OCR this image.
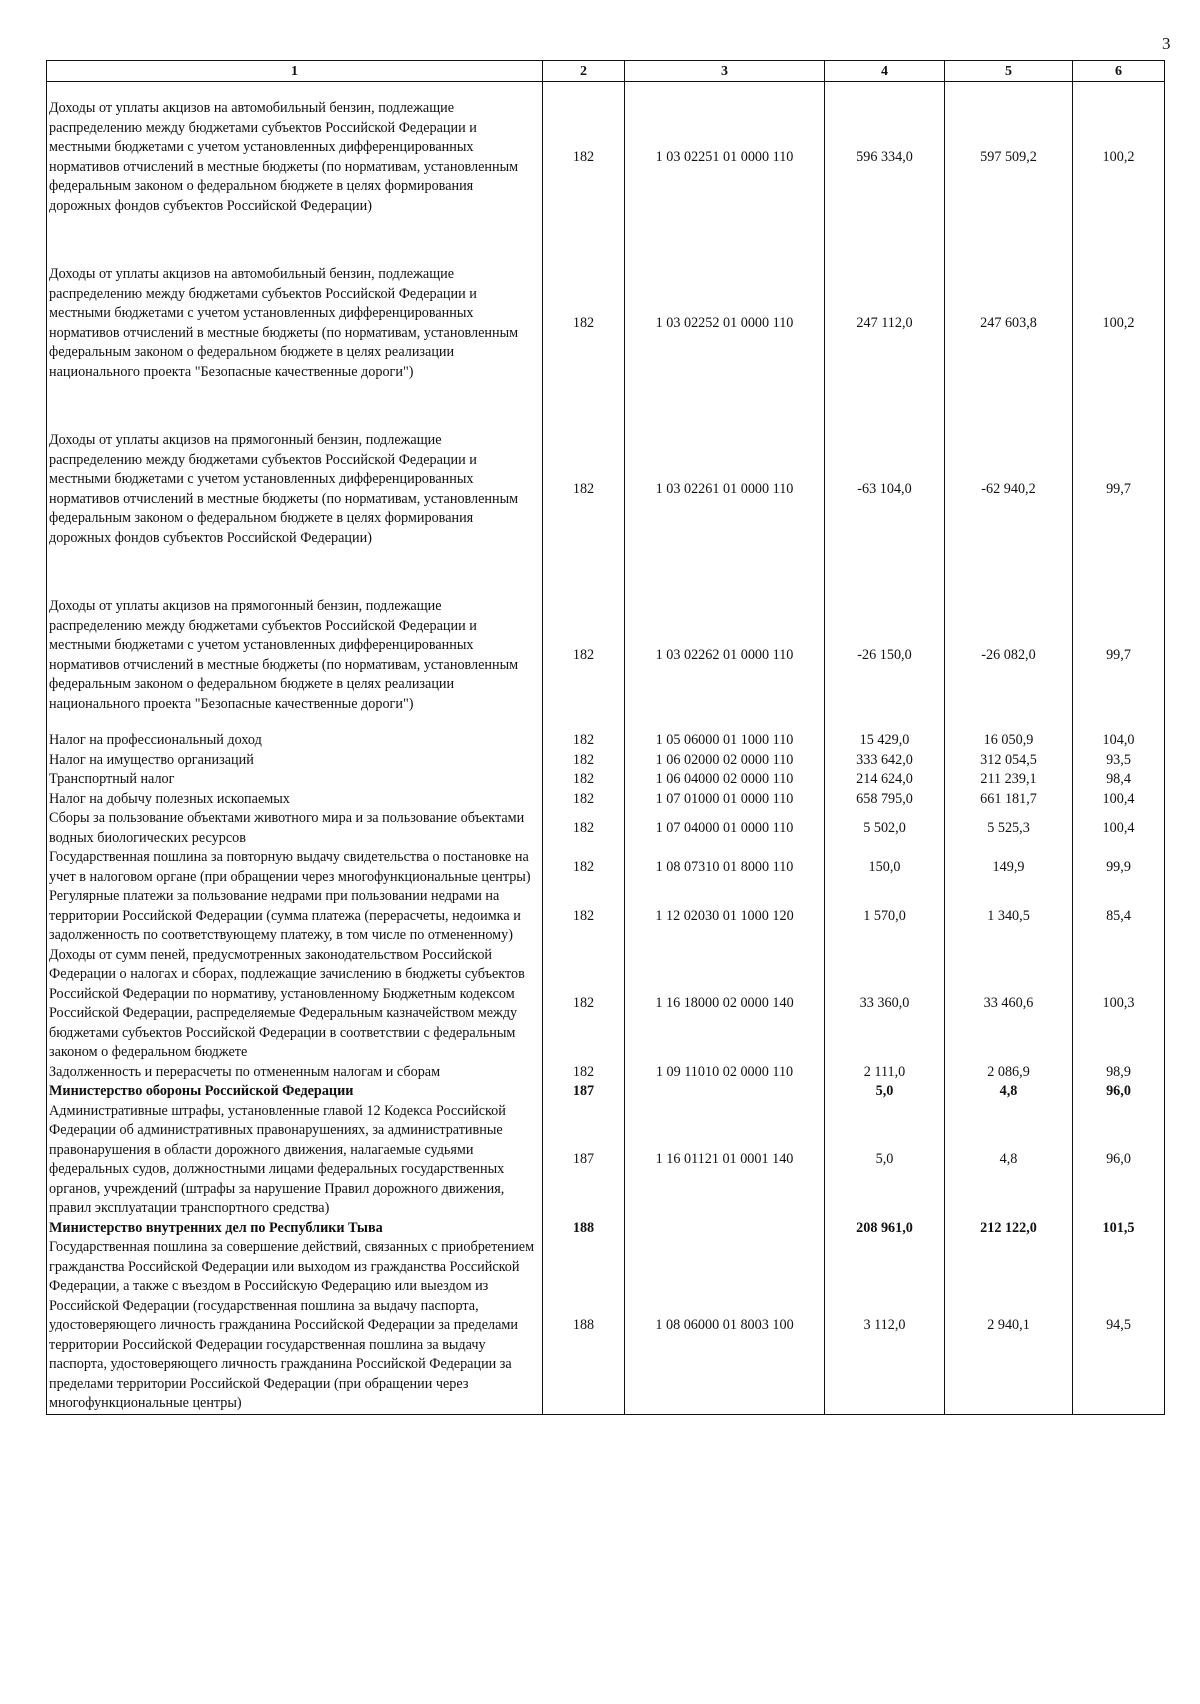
3
1	2	3	4	5	6
Доходы от уплаты акцизов на автомобильный бензин, подлежащие распределению между бюджетами субъектов Российской Федерации и местными бюджетами с учетом установленных дифференцированных нормативов отчислений в местные бюджеты (по нормативам, установленным федеральным законом о федеральном бюджете в целях формирования дорожных фондов субъектов Российской Федерации)	182	1 03 02251 01 0000 110	596 334,0	597 509,2	100,2
Доходы от уплаты акцизов на автомобильный бензин, подлежащие распределению между бюджетами субъектов Российской Федерации и местными бюджетами с учетом установленных дифференцированных нормативов отчислений в местные бюджеты (по нормативам, установленным федеральным законом о федеральном бюджете в целях реализации национального проекта "Безопасные качественные дороги")	182	1 03 02252 01 0000 110	247 112,0	247 603,8	100,2
Доходы от уплаты акцизов на прямогонный бензин, подлежащие распределению между бюджетами субъектов Российской Федерации и местными бюджетами с учетом установленных дифференцированных нормативов отчислений в местные бюджеты (по нормативам, установленным федеральным законом о федеральном бюджете в целях формирования дорожных фондов субъектов Российской Федерации)	182	1 03 02261 01 0000 110	-63 104,0	-62 940,2	99,7
Доходы от уплаты акцизов на прямогонный бензин, подлежащие распределению между бюджетами субъектов Российской Федерации и местными бюджетами с учетом установленных дифференцированных нормативов отчислений в местные бюджеты (по нормативам, установленным федеральным законом о федеральном бюджете в целях реализации национального проекта "Безопасные качественные дороги")	182	1 03 02262 01 0000 110	-26 150,0	-26 082,0	99,7
Налог на профессиональный доход	182	1 05 06000 01 1000 110	15 429,0	16 050,9	104,0
Налог на имущество организаций	182	1 06 02000 02 0000 110	333 642,0	312 054,5	93,5
Транспортный налог	182	1 06 04000 02 0000 110	214 624,0	211 239,1	98,4
Налог на добычу полезных ископаемых	182	1 07 01000 01 0000 110	658 795,0	661 181,7	100,4
Сборы за пользование объектами животного мира и за пользование объектами водных биологических ресурсов	182	1 07 04000 01 0000 110	5 502,0	5 525,3	100,4
Государственная пошлина за повторную выдачу свидетельства о постановке на учет в налоговом органе (при обращении через многофункциональные центры)	182	1 08 07310 01 8000 110	150,0	149,9	99,9
Регулярные платежи за пользование недрами при пользовании недрами на территории Российской Федерации (сумма платежа (перерасчеты, недоимка и задолженность по соответствующему платежу, в том числе по отмененному)	182	1 12 02030 01 1000 120	1 570,0	1 340,5	85,4
Доходы от сумм пеней, предусмотренных законодательством Российской Федерации о налогах и сборах, подлежащие зачислению в бюджеты субъектов Российской Федерации по нормативу, установленному Бюджетным кодексом Российской Федерации, распределяемые Федеральным казначейством между бюджетами субъектов Российской Федерации в соответствии с федеральным законом о федеральном бюджете	182	1 16 18000 02 0000 140	33 360,0	33 460,6	100,3
Задолженность и перерасчеты по отмененным налогам и сборам	182	1 09 11010 02 0000 110	2 111,0	2 086,9	98,9
Министерство обороны Российской Федерации	187		5,0	4,8	96,0
Административные штрафы, установленные главой 12 Кодекса Российской Федерации об административных правонарушениях, за административные правонарушения в области дорожного движения, налагаемые судьями федеральных судов, должностными лицами федеральных государственных органов, учреждений (штрафы за нарушение Правил дорожного движения, правил эксплуатации транспортного средства)	187	1 16 01121 01 0001 140	5,0	4,8	96,0
Министерство внутренних дел по Республики Тыва	188		208 961,0	212 122,0	101,5
Государственная пошлина за совершение действий, связанных с приобретением гражданства Российской Федерации или выходом из гражданства Российской Федерации, а также с въездом в Российскую Федерацию или выездом из Российской Федерации (государственная пошлина за выдачу паспорта, удостоверяющего личность гражданина Российской Федерации за пределами территории Российской Федерации государственная пошлина за выдачу паспорта, удостоверяющего личность гражданина Российской Федерации за пределами территории Российской Федерации (при обращении через многофункциональные центры)	188	1 08 06000 01 8003 100	3 112,0	2 940,1	94,5
